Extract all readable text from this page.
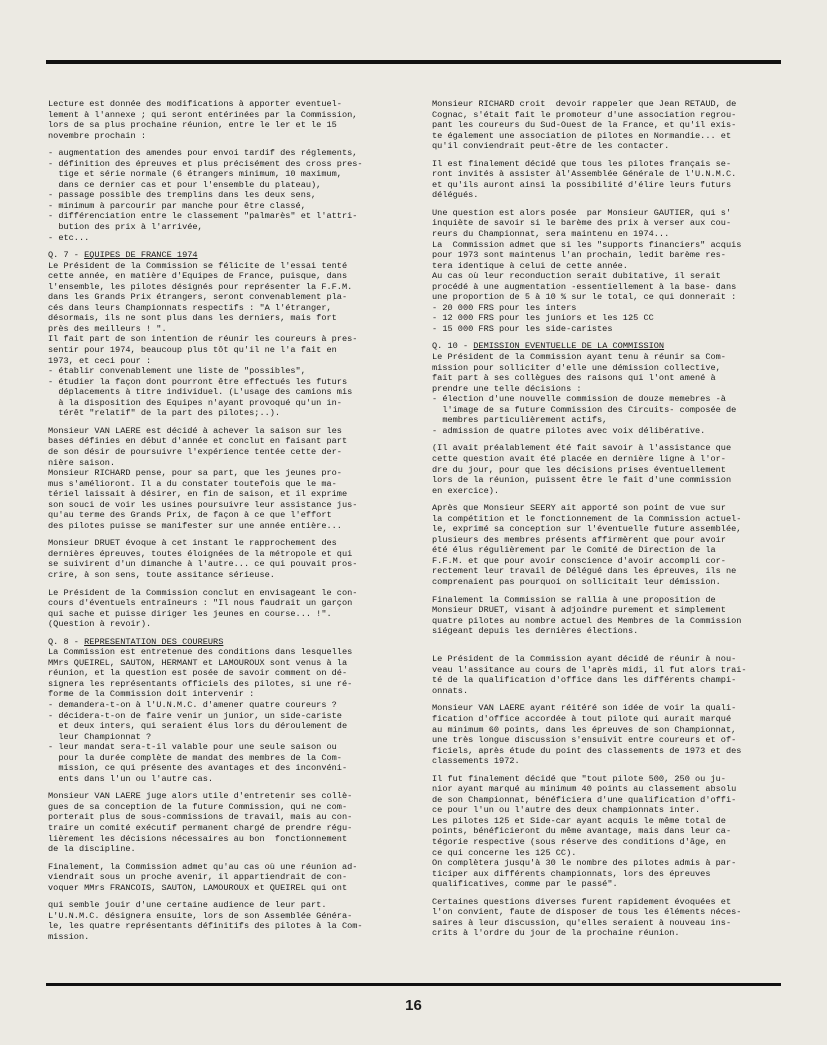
Lecture est donnée des modifications à apporter eventuel-
lement à l'annexe ; qui seront entérinées par la Commission,
lors de sa plus prochaine réunion, entre le ler et le 15
novembre prochain :
- augmentation des amendes pour envoi tardif des réglements,
- définition des épreuves et plus précisément des cross pres-
tige et série normale (6 étrangers minimum, 10 maximum,
dans ce dernier cas et pour l'ensemble du plateau),
- passage possible des tremplins dans les deux sens,
- minimum à parcourir par manche pour être classé,
- différenciation entre le classement "palmarès" et l'attri-
bution des prix à l'arrivée,
- etc...
Q. 7 - EQUIPES DE FRANCE 1974
Le Président de la Commission se félicite de l'essai tenté
cette année, en matière d'Equipes de France, puisque, dans
l'ensemble, les pilotes désignés pour représenter la F.F.M.
dans les Grands Prix étrangers, seront convenablement pla-
cés dans leurs Championnats respectifs : "A l'étranger,
désormais, ils ne sont plus dans les derniers, mais fort
près des meilleurs ! ".
Il fait part de son intention de réunir les coureurs à pres-
sentir pour 1974, beaucoup plus tôt qu'il ne l'a fait en
1973, et ceci pour :
- établir convenablement une liste de "possibles",
- étudier la façon dont pourront être effectués les futurs
déplacements à titre individuel. (L'usage des camions mis
à la disposition des Equipes n'ayant provoqué qu'un in-
térêt "relatif" de la part des pilotes;..).
Monsieur VAN LAERE est décidé à achever la saison sur les
bases définies en début d'année et conclut en faisant part
de son désir de poursuivre l'expérience tentée cette der-
nière saison.
Monsieur RICHARD pense, pour sa part, que les jeunes pro-
mus s'amélioront. Il a du constater toutefois que le ma-
tériel laissait à désirer, en fin de saison, et il exprime
son souci de voir les usines poursuivre leur assistance jus-
qu'au terme des Grands Prix, de façon à ce que l'effort
des pilotes puisse se manifester sur une année entière...
Monsieur DRUET évoque à cet instant le rapprochement des
dernières épreuves, toutes éloignées de la métropole et qui
se suivirent d'un dimanche à l'autre... ce qui pouvait pros-
crire, à son sens, toute assitance sérieuse.
Le Président de la Commission conclut en envisageant le con-
cours d'éventuels entraîneurs : "Il nous faudrait un garçon
qui sache et puisse diriger les jeunes en course... !".
(Question à revoir).
Q. 8 - REPRESENTATION DES COUREURS
La Commission est entretenue des conditions dans lesquelles
MMrs QUEIREL, SAUTON, HERMANT et LAMOUROUX sont venus à la
réunion, et la question est posée de savoir comment on dé-
signera les représentants officiels des pilotes, si une ré-
forme de la Commission doit intervenir :
- demandera-t-on à l'U.N.M.C. d'amener quatre coureurs ?
- décidera-t-on de faire venir un junior, un side-cariste
et deux inters, qui seraient élus lors du déroulement de
leur Championnat ?
- leur mandat sera-t-il valable pour une seule saison ou
pour la durée complète de mandat des membres de la Com-
mission, ce qui présente des avantages et des inconvéni-
ents dans l'un ou l'autre cas.
Monsieur VAN LAERE juge alors utile d'entretenir ses collè-
gues de sa conception de la future Commission, qui ne com-
porterait plus de sous-commissions de travail, mais au con-
traire un comité exécutif permanent chargé de prendre régu-
lièrement les décisions nécessaires au bon  fonctionnement
de la discipline.
Finalement, la Commission admet qu'au cas où une réunion ad-
viendrait sous un proche avenir, il appartiendrait de con-
voquer MMrs FRANCOIS, SAUTON, LAMOUROUX et QUEIREL qui ont
qui semble jouir d'une certaine audience de leur part.
L'U.N.M.C. désignera ensuite, lors de son Assemblée Généra-
le, les quatre représentants définitifs des pilotes à la Com-
mission.
Monsieur RICHARD croit  devoir rappeler que Jean RETAUD, de
Cognac, s'était fait le promoteur d'une association regrou-
pant les coureurs du Sud-Ouest de la France, et qu'il exis-
te également une association de pilotes en Normandie... et
qu'il conviendrait peut-être de les contacter.
Il est finalement décidé que tous les pilotes français se-
ront invités à assister àl'Assemblée Générale de l'U.N.M.C.
et qu'ils auront ainsi la possibilité d'élire leurs futurs
délégués.
Une question est alors posée  par Monsieur GAUTIER, qui s'
inquiète de savoir si le barème des prix à verser aux cou-
reurs du Championnat, sera maintenu en 1974...
La  Commission admet que si les "supports financiers" acquis
pour 1973 sont maintenus l'an prochain, ledit barème res-
tera identique à celui de cette année.
Au cas où leur reconduction serait dubitative, il serait
procédé à une augmentation -essentiellement à la base- dans
une proportion de 5 à 10 % sur le total, ce qui donnerait :
- 20 000 FRS pour les inters
- 12 000 FRS pour les juniors et les 125 CC
- 15 000 FRS pour les side-caristes
Q. 10 - DEMISSION EVENTUELLE DE LA COMMISSION
Le Président de la Commission ayant tenu à réunir sa Com-
mission pour solliciter d'elle une démission collective,
fait part à ses collègues des raisons qui l'ont amené à
prendre une telle décisions :
- élection d'une nouvelle commission de douze memebres -à
l'image de sa future Commission des Circuits- composée de
membres particulièrement actifs,
- admission de quatre pilotes avec voix délibérative.
(Il avait préalablement été fait savoir à l'assistance que
cette question avait été placée en dernière ligne à l'or-
dre du jour, pour que les décisions prises éventuellement
lors de la réunion, puissent être le fait d'une commission
en exercice).
Après que Monsieur SEERY ait apporté son point de vue sur
la compétition et le fonctionnement de la Commission actuel-
le, exprimé sa conception sur l'éventuelle future assemblée,
plusieurs des membres présents affirmèrent que pour avoir
été élus régulièrement par le Comité de Direction de la
F.F.M. et que pour avoir conscience d'avoir accompli cor-
rectement leur travail de Délégué dans les épreuves, ils ne
comprenaient pas pourquoi on sollicitait leur démission.
Finalement la Commission se rallia à une proposition de
Monsieur DRUET, visant à adjoindre purement et simplement
quatre pilotes au nombre actuel des Membres de la Commission
siégeant depuis les dernières élections.

Le Président de la Commission ayant décidé de réunir à nou-
veau l'assitance au cours de l'après midi, il fut alors trai-
té de la qualification d'office dans les différents champi-
onnats.
Monsieur VAN LAERE ayant réitéré son idée de voir la quali-
fication d'office accordée à tout pilote qui aurait marqué
au minimum 60 points, dans les épreuves de son Championnat,
une très longue discussion s'ensuivit entre coureurs et of-
ficiels, après étude du point des classements de 1973 et des
classements 1972.
Il fut finalement décidé que "tout pilote 500, 250 ou ju-
nior ayant marqué au minimum 40 points au classement absolu
de son Championnat, bénéficiera d'une qualification d'offi-
ce pour l'un ou l'autre des deux championnats inter.
Les pilotes 125 et Side-car ayant acquis le même total de
points, bénéficieront du même avantage, mais dans leur ca-
tégorie respective (sous réserve des conditions d'âge, en
ce qui concerne les 125 CC).
On complètera jusqu'à 30 le nombre des pilotes admis à par-
ticiper aux différents championnats, lors des épreuves
qualificatives, comme par le passé".
Certaines questions diverses furent rapidement évoquées et
l'on convient, faute de disposer de tous les éléments néces-
saires à leur discussion, qu'elles seraient à nouveau ins-
crits à l'ordre du jour de la prochaine réunion.
16
